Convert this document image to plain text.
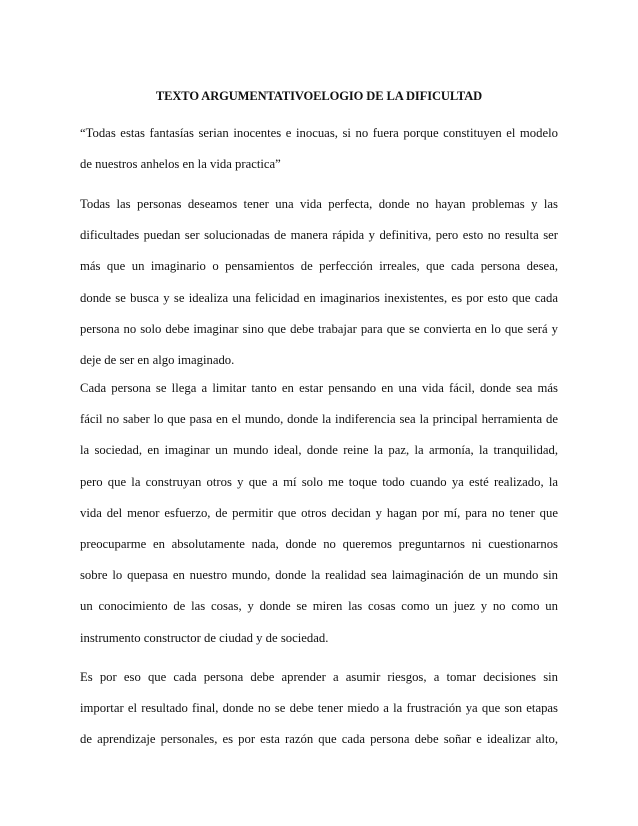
TEXTO ARGUMENTATIVOELOGIO DE LA DIFICULTAD
“Todas estas fantasías serian inocentes e inocuas, si no fuera porque constituyen el modelo
de nuestros anhelos en la vida practica”
Todas las personas deseamos tener una vida perfecta, donde no hayan problemas y las
dificultades puedan ser solucionadas de manera rápida y definitiva, pero esto no resulta ser
más que un imaginario o pensamientos de perfección irreales, que cada persona desea,
donde se busca y se idealiza una felicidad en imaginarios inexistentes, es por esto que cada
persona no solo debe imaginar sino que debe trabajar para que se convierta en lo que será y
deje de ser en algo imaginado.
Cada persona se llega a limitar tanto en estar pensando en una vida fácil, donde sea más
fácil no saber lo que pasa en el mundo, donde la indiferencia sea la principal herramienta de
la sociedad, en imaginar un mundo ideal, donde reine la paz, la armonía, la tranquilidad,
pero que la construyan otros y que a mí solo me toque todo cuando ya esté realizado, la
vida del menor esfuerzo, de permitir que otros decidan y hagan por mí, para no tener que
preocuparme en absolutamente nada, donde no queremos preguntarnos ni cuestionarnos
sobre lo quepasa en nuestro mundo, donde la realidad sea laimaginación de un mundo sin
un conocimiento de las cosas, y donde se miren las cosas como un juez y no como un
instrumento constructor de ciudad y de sociedad.
Es por eso que cada persona debe aprender a asumir riesgos, a tomar decisiones sin
importar el resultado final, donde no se debe tener miedo a la frustración ya que son etapas
de aprendizaje personales, es por esta razón que cada persona debe soñar e idealizar alto,
